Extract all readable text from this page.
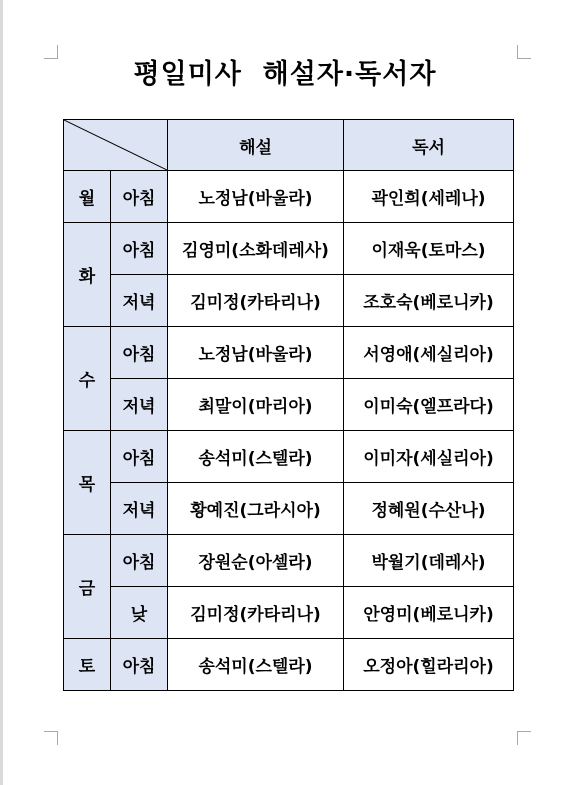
평일미사  해설자·독서자
	해설	독서
월	아침	노정남(바울라)	곽인희(세레나)
화	아침	김영미(소화데레사)	이재욱(토마스)
	저녁	김미정(카타리나)	조호숙(베로니카)
수	아침	노정남(바울라)	서영애(세실리아)
	저녁	최말이(마리아)	이미숙(엘프라다)
목	아침	송석미(스텔라)	이미자(세실리아)
	저녁	황예진(그라시아)	정혜원(수산나)
금	아침	장원순(아셀라)	박월기(데레사)
	낮	김미정(카타리나)	안영미(베로니카)
토	아침	송석미(스텔라)	오정아(힐라리아)
